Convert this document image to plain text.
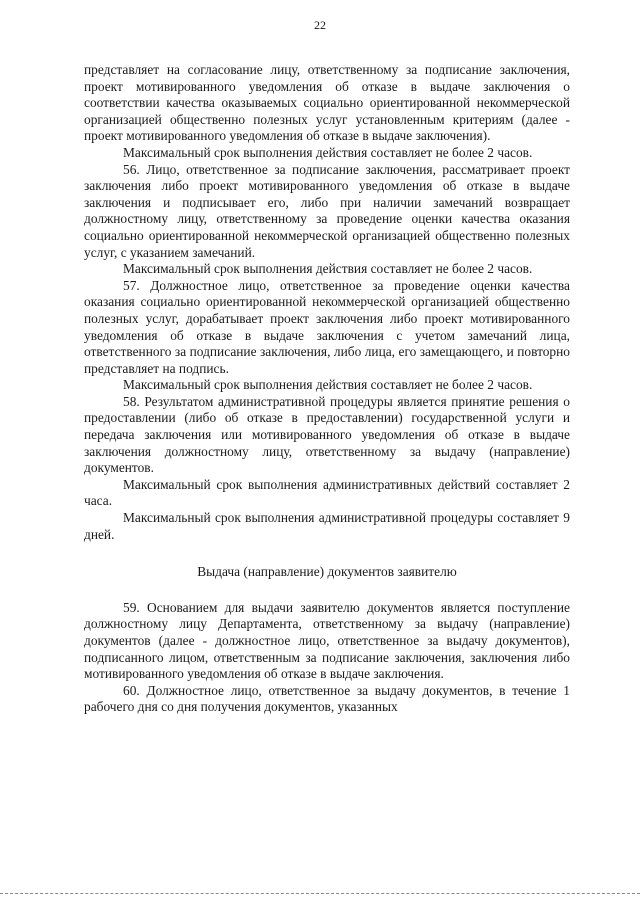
22

представляет на согласование лицу, ответственному за подписание заключения, проект мотивированного уведомления об отказе в выдаче заключения о соответствии качества оказываемых социально ориентированной некоммерческой организацией общественно полезных услуг установленным критериям (далее - проект мотивированного уведомления об отказе в выдаче заключения).

Максимальный срок выполнения действия составляет не более 2 часов.

56. Лицо, ответственное за подписание заключения, рассматривает проект заключения либо проект мотивированного уведомления об отказе в выдаче заключения и подписывает его, либо при наличии замечаний возвращает должностному лицу, ответственному за проведение оценки качества оказания социально ориентированной некоммерческой организацией общественно полезных услуг, с указанием замечаний.

Максимальный срок выполнения действия составляет не более 2 часов.

57. Должностное лицо, ответственное за проведение оценки качества оказания социально ориентированной некоммерческой организацией общественно полезных услуг, дорабатывает проект заключения либо проект мотивированного уведомления об отказе в выдаче заключения с учетом замечаний лица, ответственного за подписание заключения, либо лица, его замещающего, и повторно представляет на подпись.

Максимальный срок выполнения действия составляет не более 2 часов.

58. Результатом административной процедуры является принятие решения о предоставлении (либо об отказе в предоставлении) государственной услуги и передача заключения или мотивированного уведомления об отказе в выдаче заключения должностному лицу, ответственному за выдачу (направление) документов.

Максимальный срок выполнения административных действий составляет 2 часа.

Максимальный срок выполнения административной процедуры составляет 9 дней.

Выдача (направление) документов заявителю

59. Основанием для выдачи заявителю документов является поступление должностному лицу Департамента, ответственному за выдачу (направление) документов (далее - должностное лицо, ответственное за выдачу документов), подписанного лицом, ответственным за подписание заключения, заключения либо мотивированного уведомления об отказе в выдаче заключения.

60. Должностное лицо, ответственное за выдачу документов, в течение 1 рабочего дня со дня получения документов, указанных
